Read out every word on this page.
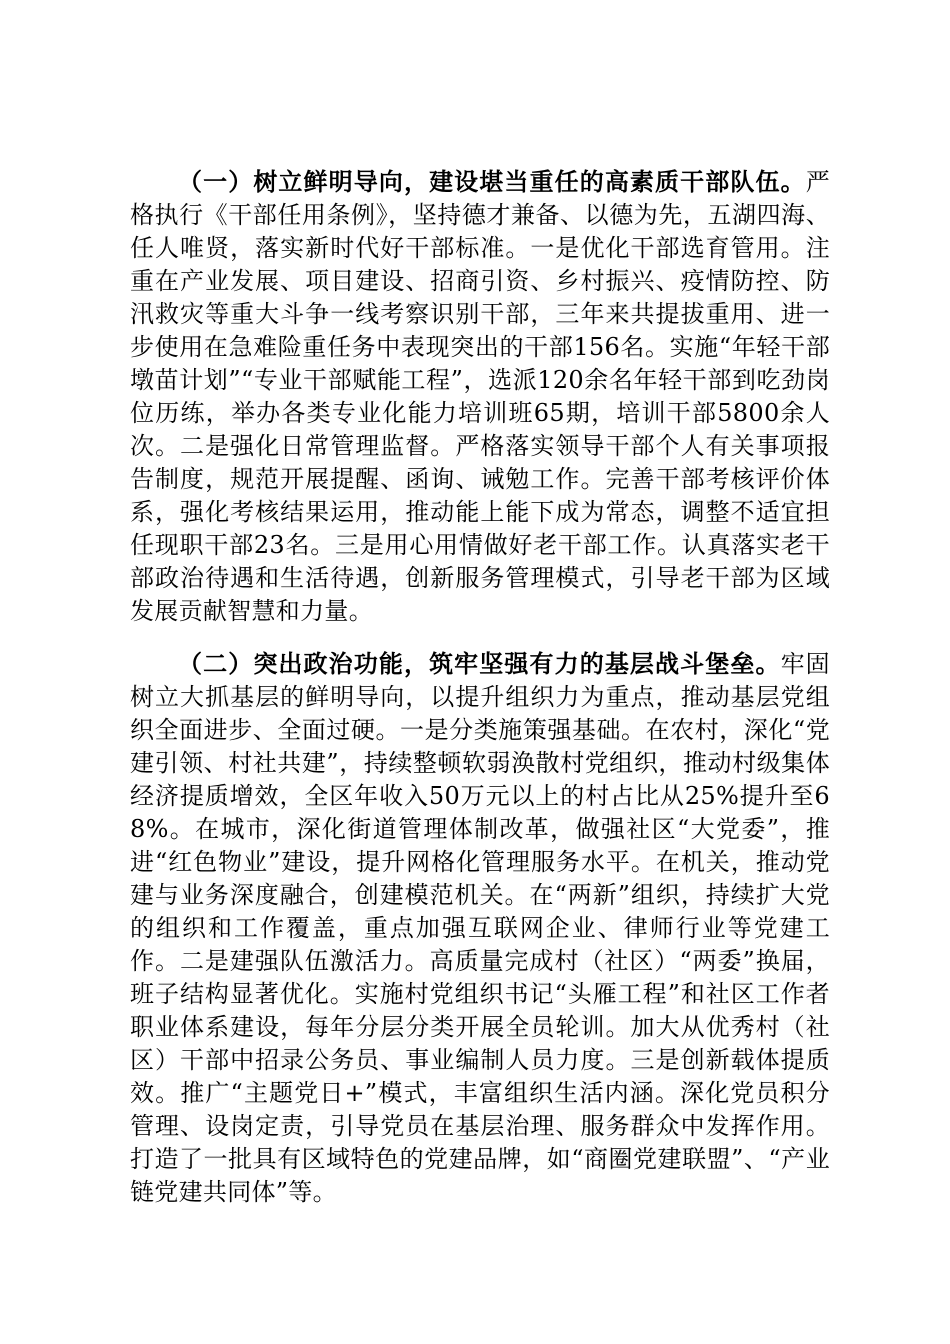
（一）树立鲜明导向，建设堪当重任的高素质干部队伍。严格执行《干部任用条例》，坚持德才兼备、以德为先，五湖四海、任人唯贤，落实新时代好干部标准。一是优化干部选育管用。注重在产业发展、项目建设、招商引资、乡村振兴、疫情防控、防汛救灾等重大斗争一线考察识别干部，三年来共提拔重用、进一步使用在急难险重任务中表现突出的干部156名。实施“年轻干部墩苗计划”“专业干部赋能工程”，选派120余名年轻干部到吃劲岗位历练，举办各类专业化能力培训班65期，培训干部5800余人次。二是强化日常管理监督。严格落实领导干部个人有关事项报告制度，规范开展提醒、函询、诫勉工作。完善干部考核评价体系，强化考核结果运用，推动能上能下成为常态，调整不适宜担任现职干部23名。三是用心用情做好老干部工作。认真落实老干部政治待遇和生活待遇，创新服务管理模式，引导老干部为区域发展贡献智慧和力量。

（二）突出政治功能，筑牢坚强有力的基层战斗堡垒。牢固树立大抓基层的鲜明导向，以提升组织力为重点，推动基层党组织全面进步、全面过硬。一是分类施策强基础。在农村，深化“党建引领、村社共建”，持续整顿软弱涣散村党组织，推动村级集体经济提质增效，全区年收入50万元以上的村占比从25%提升至68%。在城市，深化街道管理体制改革，做强社区“大党委”，推进“红色物业”建设，提升网格化管理服务水平。在机关，推动党建与业务深度融合，创建模范机关。在“两新”组织，持续扩大党的组织和工作覆盖，重点加强互联网企业、律师行业等党建工作。二是建强队伍激活力。高质量完成村（社区）“两委”换届，班子结构显著优化。实施村党组织书记“头雁工程”和社区工作者职业体系建设，每年分层分类开展全员轮训。加大从优秀村（社区）干部中招录公务员、事业编制人员力度。三是创新载体提质效。推广“主题党日+”模式，丰富组织生活内涵。深化党员积分管理、设岗定责，引导党员在基层治理、服务群众中发挥作用。打造了一批具有区域特色的党建品牌，如“商圈党建联盟”、“产业链党建共同体”等。
